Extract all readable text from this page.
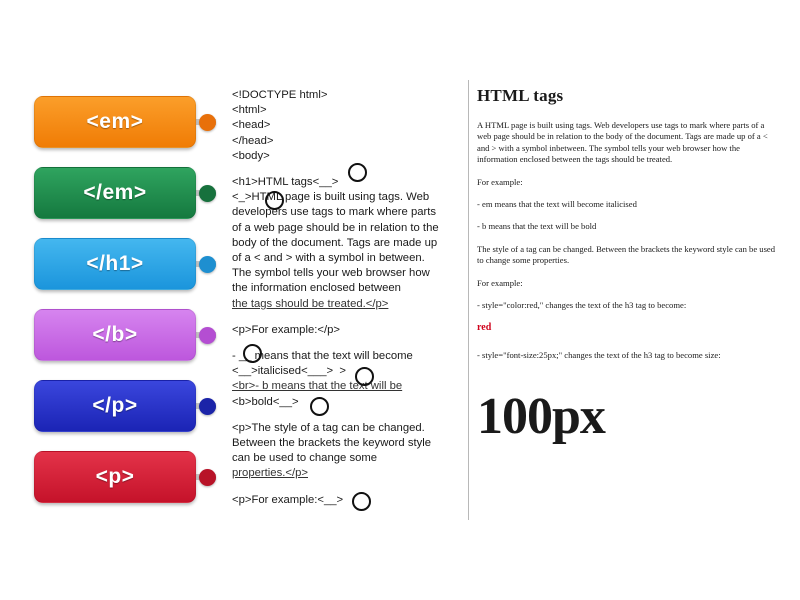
<em>
</em>
</h1>
</b>
</p>
<p>
<!DOCTYPE html>
<html>
<head>
</head>
<body>
<h1>HTML tags<__>
<_>HTML page is built using tags. Web
developers use tags to mark where parts
of a web page should be in relation to the
body of the document. Tags are made up
of a < and > with a symbol in between.
The symbol tells your web browser how
the information enclosed between
the tags should be treated.</p>
<p>For example:</p>
- __ means that the text will become
<__>italicised<___>  >
<br>- b means that the text will be
<b>bold<__>
<p>The style of a tag can be changed.
Between the brackets the keyword style
can be used to change some
properties.</p>
<p>For example:<__>
HTML tags

A HTML page is built using tags. Web developers use tags to mark where parts of a web page should be in relation to the body of the document. Tags are made up of a < and > with a symbol inbetween. The symbol tells your web browser how the information enclosed between the tags should be treated.

For example:

- em means that the text will become italicised

- b means that the text will be bold

The style of a tag can be changed. Between the brackets the keyword style can be used to change some properties.

For example:

- style="color:red," changes the text of the h3 tag to become:

red

- style="font-size:25px;" changes the text of the h3 tag to become size:

100px
